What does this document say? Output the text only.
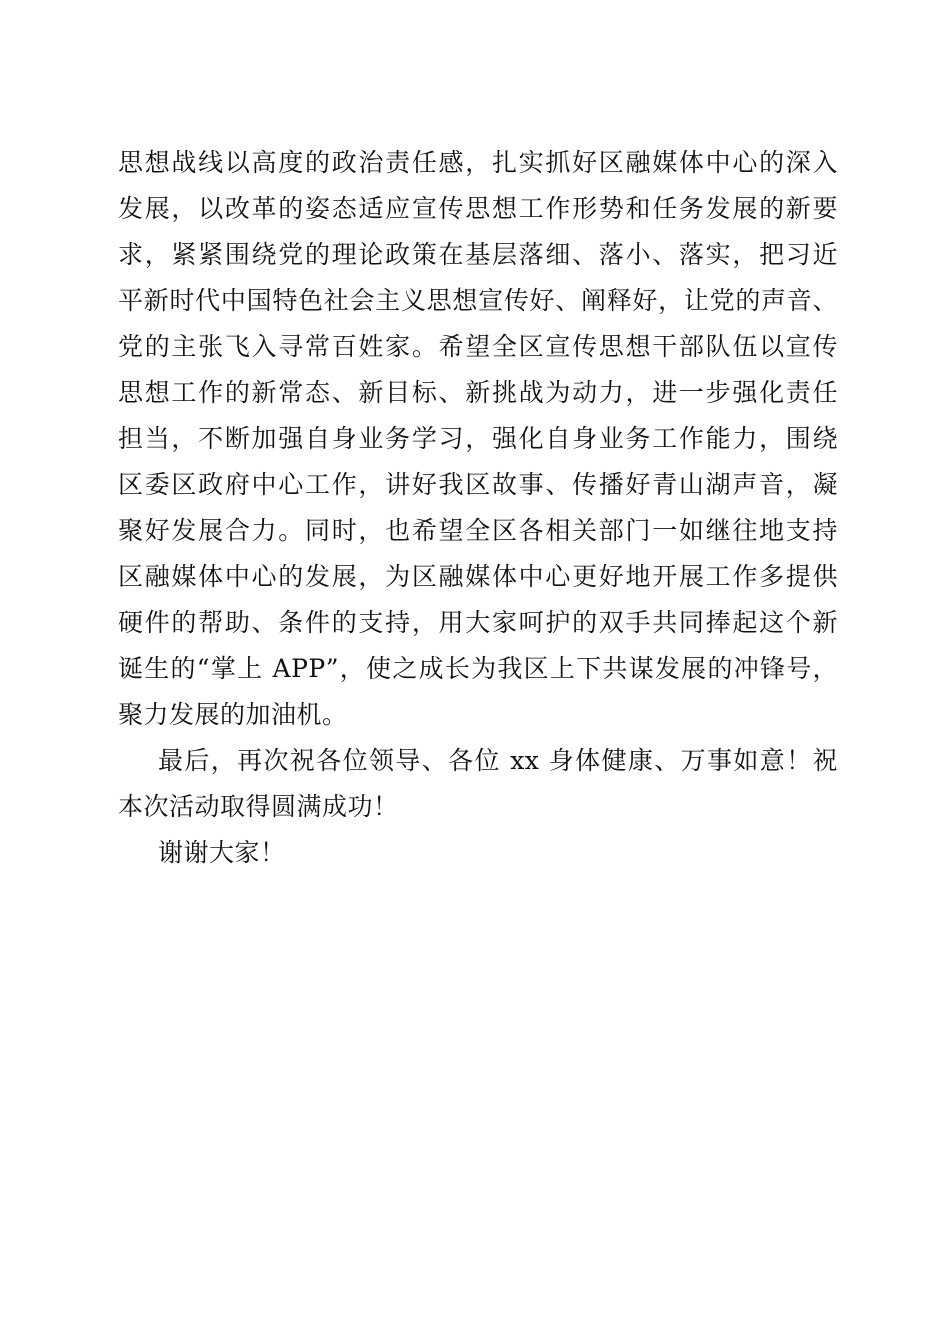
思想战线以高度的政治责任感，扎实抓好区融媒体中心的深入
发展，以改革的姿态适应宣传思想工作形势和任务发展的新要
求，紧紧围绕党的理论政策在基层落细、落小、落实，把习近
平新时代中国特色社会主义思想宣传好、阐释好，让党的声音、
党的主张飞入寻常百姓家。希望全区宣传思想干部队伍以宣传
思想工作的新常态、新目标、新挑战为动力，进一步强化责任
担当，不断加强自身业务学习，强化自身业务工作能力，围绕
区委区政府中心工作，讲好我区故事、传播好青山湖声音，凝
聚好发展合力。同时，也希望全区各相关部门一如继往地支持
区融媒体中心的发展，为区融媒体中心更好地开展工作多提供
硬件的帮助、条件的支持，用大家呵护的双手共同捧起这个新
诞生的“掌上 APP”，使之成长为我区上下共谋发展的冲锋号，
聚力发展的加油机。
最后，再次祝各位领导、各位 xx 身体健康、万事如意！祝
本次活动取得圆满成功！
谢谢大家！
